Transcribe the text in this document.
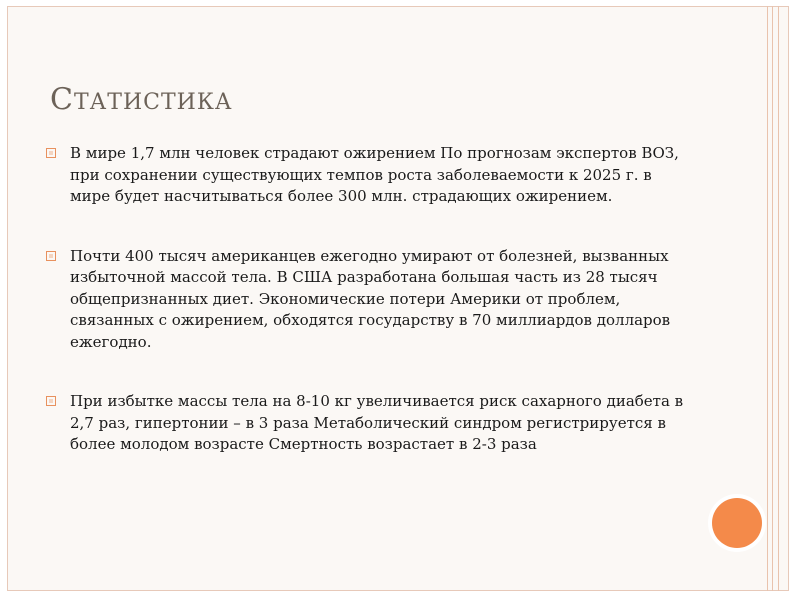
СТАТИСТИКА

В мире 1,7 млн человек страдают ожирением По прогнозам экспертов ВОЗ, при сохранении существующих темпов роста заболеваемости к 2025 г. в мире будет насчитываться более 300 млн. страдающих ожирением.

Почти 400 тысяч американцев ежегодно умирают от болезней, вызванных избыточной массой тела. В США разработана большая часть из 28 тысяч общепризнанных диет. Экономические потери Америки от проблем, связанных с ожирением, обходятся государству в 70 миллиардов долларов ежегодно.

При избытке массы тела на 8-10 кг увеличивается риск сахарного диабета в 2,7 раз, гипертонии – в 3 раза Метаболический синдром регистрируется в более молодом возрасте Смертность возрастает в 2-3 раза
